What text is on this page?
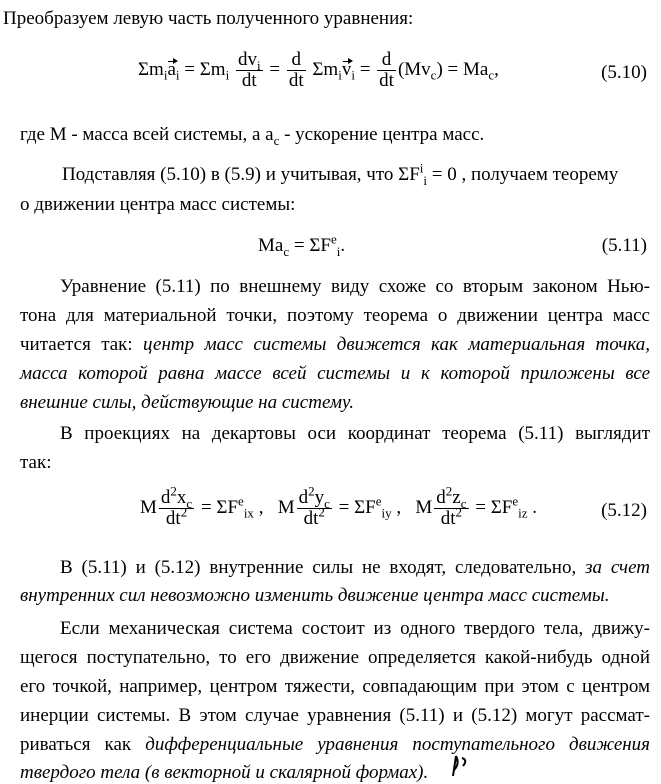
Преобразуем левую часть полученного уравнения:
$\Sigma m_ia_i = \Sigma m_i \frac{dv_i}{dt} = \frac{d}{dt} \Sigma m_iv_i = \frac{d}{dt} (Mv_c) = Ma_c$,	(5.10)
где M - масса всей системы, а $a_c$ - ускорение центра масс.
Подставляя (5.10) в (5.9) и учитывая, что $\Sigma F^i_i = 0$ , получаем теорему
о движении центра масс системы:
$Ma_c = \Sigma F^e_i$.	(5.11)
Уравнение (5.11) по внешнему виду схоже со вторым законом Нью-
тона для материальной точки, поэтому теорема о движении центра масс
читается так: центр масс системы движется как материальная точка,
масса которой равна массе всей системы и к которой приложены все
внешние силы, действующие на систему.
В проекциях на декартовы оси координат теорема (5.11) выглядит
так:
M $\frac{d^2x_c}{dt^2} = \Sigma F^e_{ix}$ , M $\frac{d^2y_c}{dt^2} = \Sigma F^e_{iy}$ , M $\frac{d^2z_c}{dt^2} = \Sigma F^e_{iz}$ .	(5.12)
В (5.11) и (5.12) внутренние силы не входят, следовательно, за счет
внутренних сил невозможно изменить движение центра масс системы.
Если механическая система состоит из одного твердого тела, движу-
щегося поступательно, то его движение определяется какой-нибудь одной
его точкой, например, центром тяжести, совпадающим при этом с центром
инерции системы. В этом случае уравнения (5.11) и (5.12) могут рассмат-
риваться как дифференциальные уравнения поступательного движения
твердого тела (в векторной и скалярной формах).
